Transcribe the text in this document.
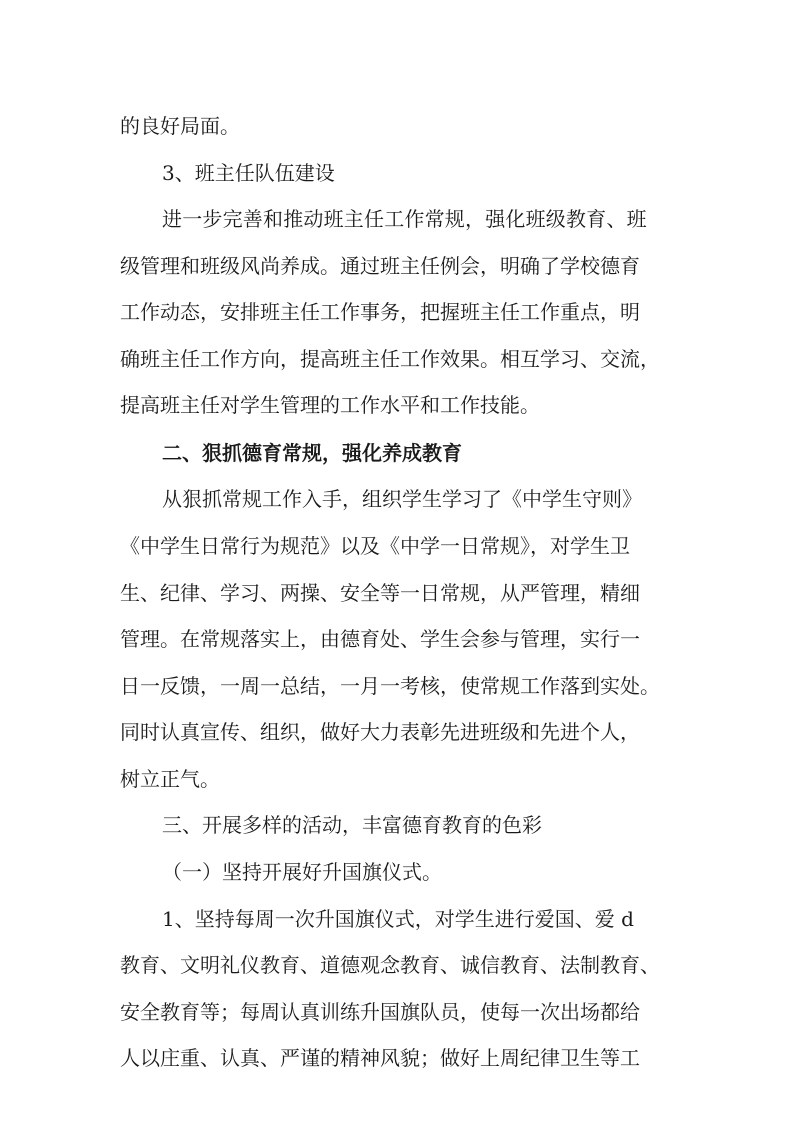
的良好局面。
3、班主任队伍建设
进一步完善和推动班主任工作常规，强化班级教育、班
级管理和班级风尚养成。通过班主任例会，明确了学校德育
工作动态，安排班主任工作事务，把握班主任工作重点，明
确班主任工作方向，提高班主任工作效果。相互学习、交流，
提高班主任对学生管理的工作水平和工作技能。
二、狠抓德育常规，强化养成教育
从狠抓常规工作入手，组织学生学习了《中学生守则》
《中学生日常行为规范》以及《中学一日常规》，对学生卫
生、纪律、学习、两操、安全等一日常规，从严管理，精细
管理。在常规落实上，由德育处、学生会参与管理，实行一
日一反馈，一周一总结，一月一考核，使常规工作落到实处。
同时认真宣传、组织，做好大力表彰先进班级和先进个人，
树立正气。
三、开展多样的活动，丰富德育教育的色彩
（一）坚持开展好升国旗仪式。
1、坚持每周一次升国旗仪式，对学生进行爱国、爱 d
教育、文明礼仪教育、道德观念教育、诚信教育、法制教育、
安全教育等；每周认真训练升国旗队员，使每一次出场都给
人以庄重、认真、严谨的精神风貌；做好上周纪律卫生等工
